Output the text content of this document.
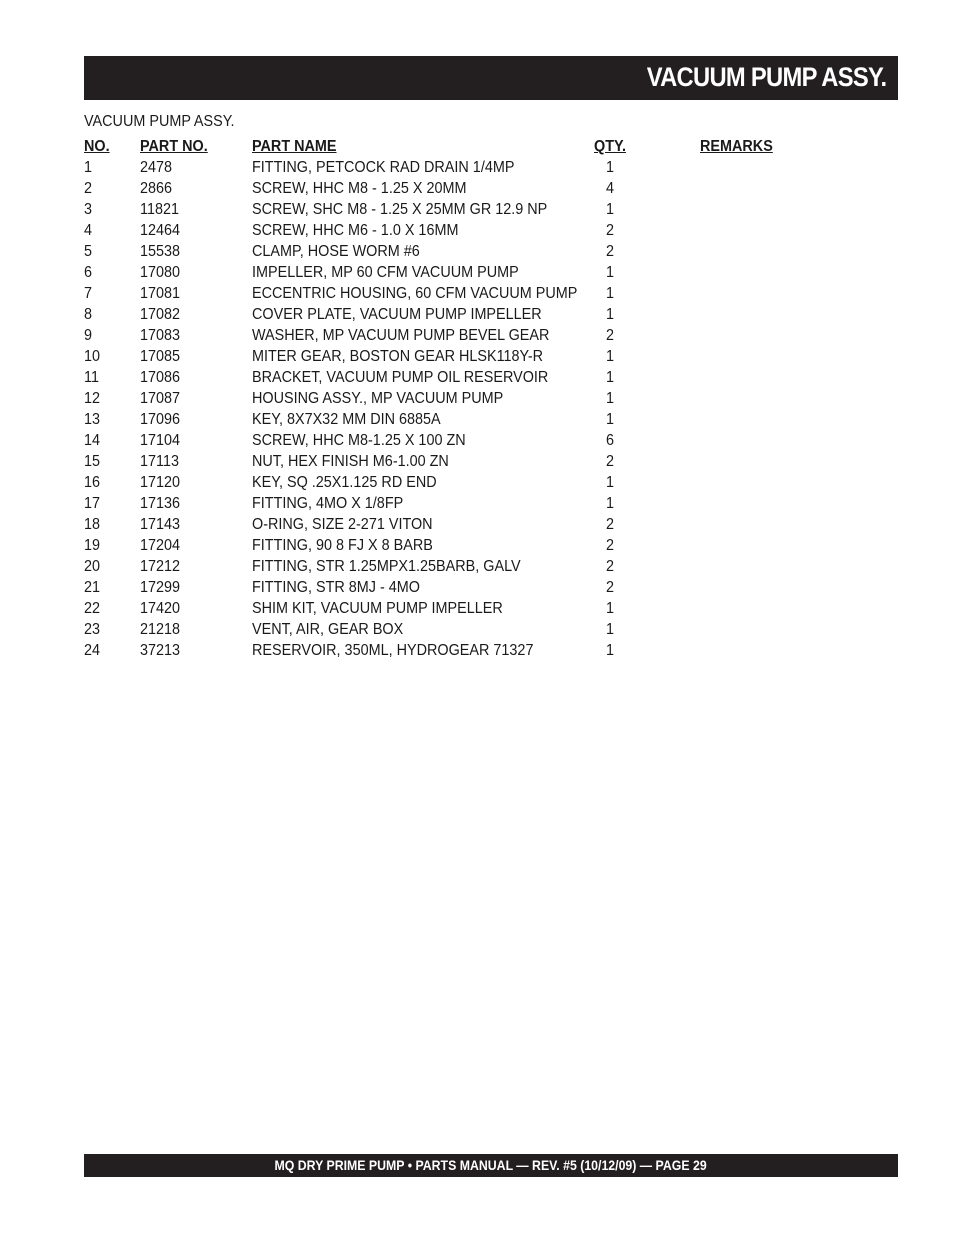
VACUUM PUMP ASSY.
VACUUM PUMP ASSY.
NO. PART NO.	PART NAME	QTY.	REMARKS
1	2478	FITTING, PETCOCK RAD DRAIN 1/4MP	1
2	2866	SCREW, HHC M8 - 1.25 X 20MM	4
3	11821	SCREW, SHC M8 - 1.25 X 25MM GR 12.9 NP	1
4	12464	SCREW, HHC M6 - 1.0 X 16MM	2
5	15538	CLAMP, HOSE WORM #6	2
6	17080	IMPELLER, MP 60 CFM VACUUM PUMP	1
7	17081	ECCENTRIC HOUSING, 60 CFM VACUUM PUMP 1
8	17082	COVER PLATE, VACUUM PUMP IMPELLER	1
9	17083	WASHER, MP VACUUM PUMP BEVEL GEAR	2
10 17085	MITER GEAR, BOSTON GEAR HLSK118Y-R	1
11	17086	BRACKET, VACUUM PUMP OIL RESERVOIR	1
12 17087	HOUSING ASSY., MP VACUUM PUMP	1
13 17096	KEY, 8X7X32 MM DIN 6885A	1
14 17104	SCREW, HHC M8-1.25 X 100 ZN	6
15 17113	NUT, HEX FINISH M6-1.00 ZN	2
16 17120	KEY, SQ .25X1.125 RD END	1
17 17136	FITTING, 4MO X 1/8FP	1
18 17143	O-RING, SIZE 2-271 VITON	2
19 17204	FITTING, 90 8 FJ X 8 BARB	2
20 17212	FITTING, STR 1.25MPX1.25BARB, GALV	2
21 17299	FITTING, STR 8MJ - 4MO	2
22 17420	SHIM KIT, VACUUM PUMP IMPELLER	1
23 21218	VENT, AIR, GEAR BOX	1
24 37213	RESERVOIR, 350ML, HYDROGEAR 71327	1
MQ DRY PRIME PUMP • PARTS MANUAL — REV. #5 (10/12/09) — PAGE 29
